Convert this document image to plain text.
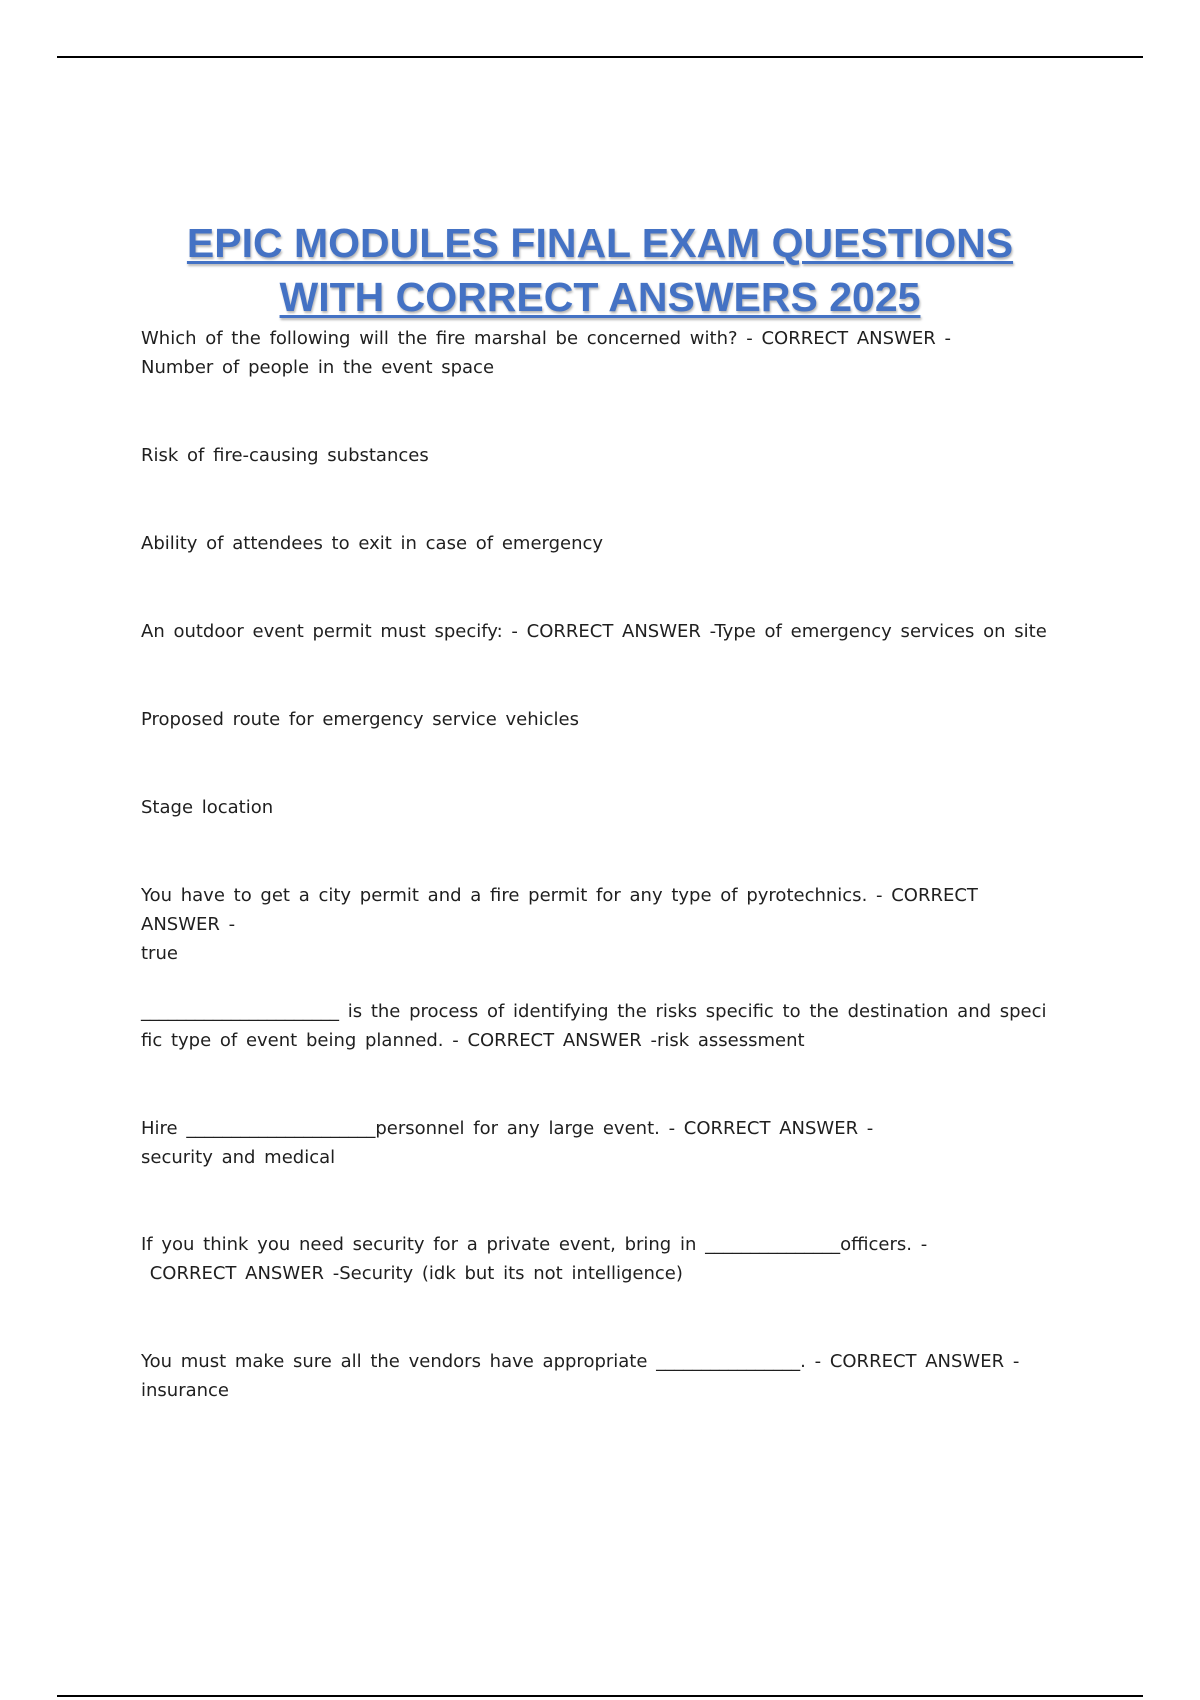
EPIC MODULES FINAL EXAM QUESTIONS
WITH CORRECT ANSWERS 2025

Which of the following will the fire marshal be concerned with? - CORRECT ANSWER -
Number of people in the event space

Risk of fire-causing substances

Ability of attendees to exit in case of emergency

An outdoor event permit must specify: - CORRECT ANSWER -Type of emergency services on site

Proposed route for emergency service vehicles

Stage location

You have to get a city permit and a fire permit for any type of pyrotechnics. - CORRECT ANSWER -
true

______________________ is the process of identifying the risks specific to the destination and speci
fic type of event being planned. - CORRECT ANSWER -risk assessment

Hire _____________________personnel for any large event. - CORRECT ANSWER -
security and medical

If you think you need security for a private event, bring in _______________officers. -
CORRECT ANSWER -Security (idk but its not intelligence)

You must make sure all the vendors have appropriate ________________. - CORRECT ANSWER -
insurance
